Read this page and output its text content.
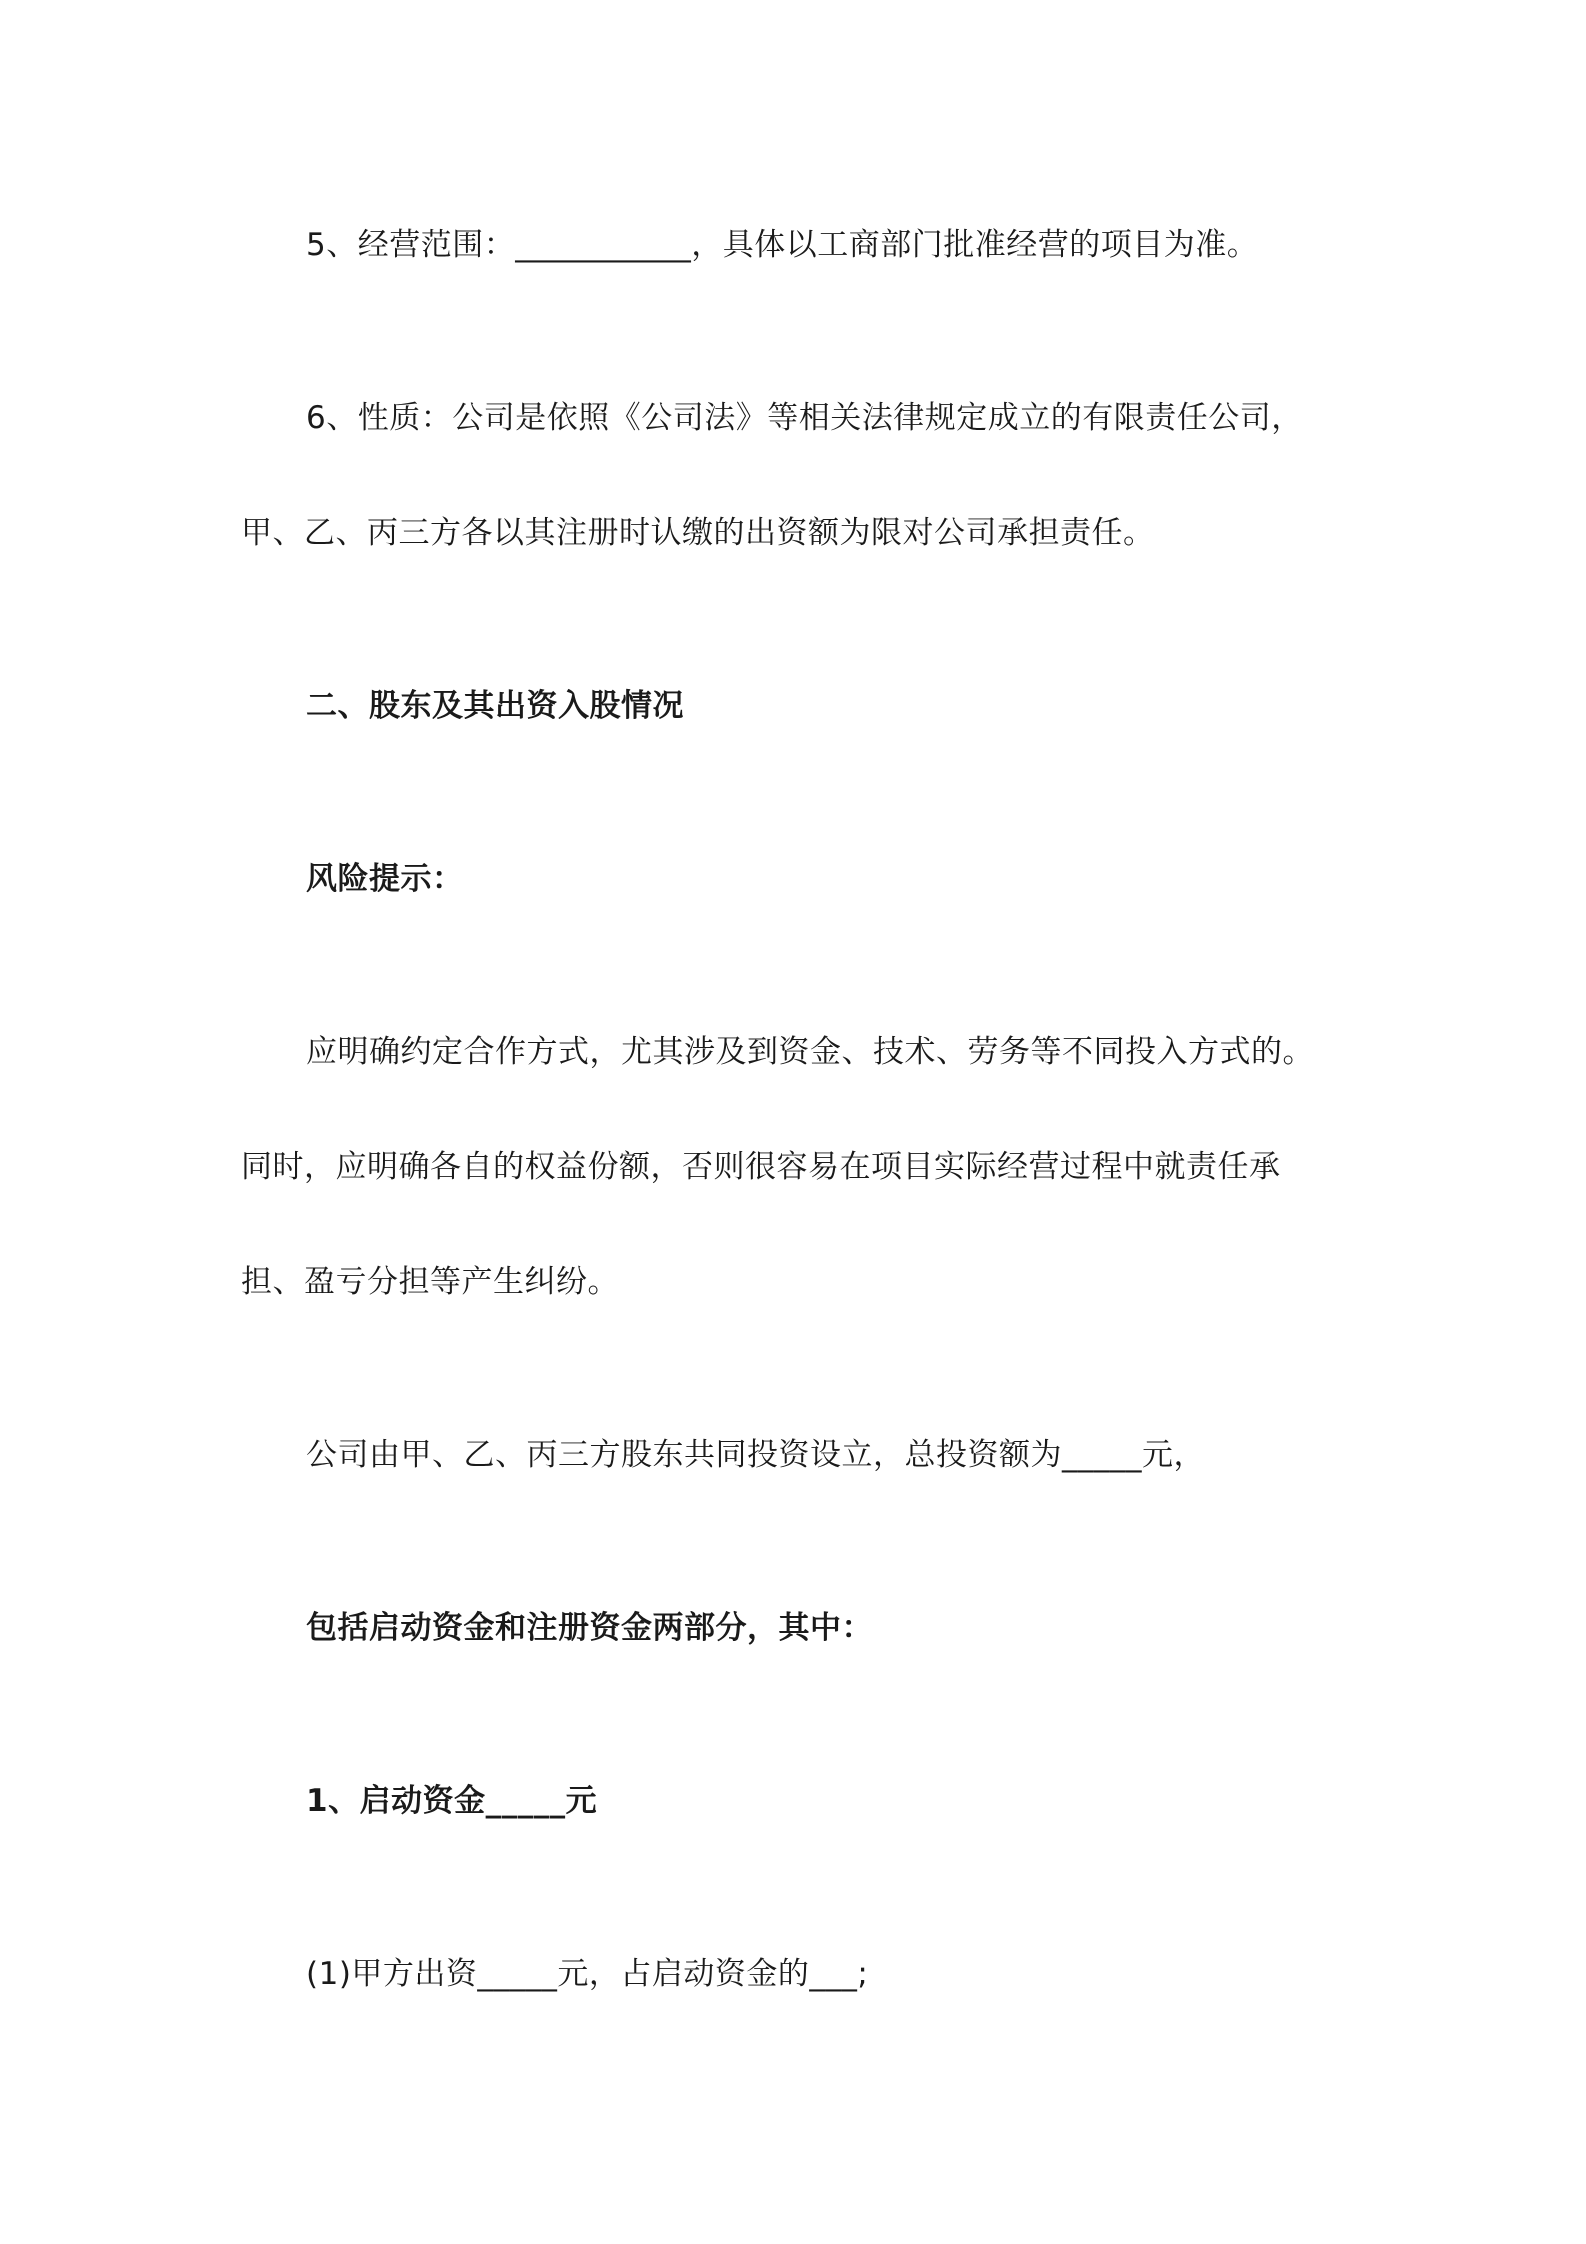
5、经营范围：___________，具体以工商部门批准经营的项目为准。
6、性质：公司是依照《公司法》等相关法律规定成立的有限责任公司，
甲、乙、丙三方各以其注册时认缴的出资额为限对公司承担责任。
二、股东及其出资入股情况
风险提示：
应明确约定合作方式，尤其涉及到资金、技术、劳务等不同投入方式的。
同时，应明确各自的权益份额，否则很容易在项目实际经营过程中就责任承
担、盈亏分担等产生纠纷。
公司由甲、乙、丙三方股东共同投资设立，总投资额为_____元，
包括启动资金和注册资金两部分，其中：
1、启动资金_____元
(1)甲方出资_____元，占启动资金的___;
